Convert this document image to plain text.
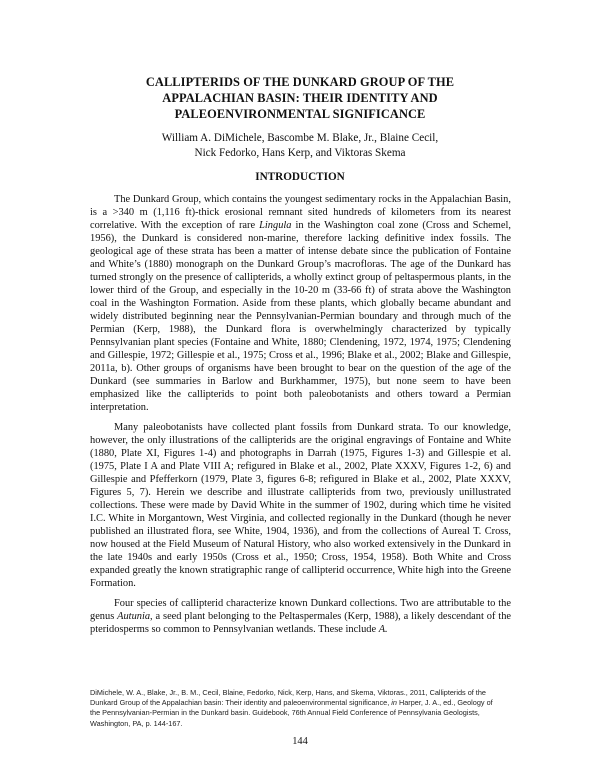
CALLIPTERIDS OF THE DUNKARD GROUP OF THE
APPALACHIAN BASIN: THEIR IDENTITY AND
PALEOENVIRONMENTAL SIGNIFICANCE
William A. DiMichele, Bascombe M. Blake, Jr., Blaine Cecil,
Nick Fedorko, Hans Kerp, and Viktoras Skema
INTRODUCTION

The Dunkard Group, which contains the youngest sedimentary rocks in the Appalachian Basin, is a >340 m (1,116 ft)-thick erosional remnant sited hundreds of kilometers from its nearest correlative. With the exception of rare Lingula in the Washington coal zone (Cross and Schemel, 1956), the Dunkard is considered non-marine, therefore lacking definitive index fossils. The geological age of these strata has been a matter of intense debate since the publication of Fontaine and White’s (1880) monograph on the Dunkard Group’s macrofloras. The age of the Dunkard has turned strongly on the presence of callipterids, a wholly extinct group of peltaspermous plants, in the lower third of the Group, and especially in the 10-20 m (33-66 ft) of strata above the Washington coal in the Washington Formation. Aside from these plants, which globally became abundant and widely distributed beginning near the Pennsylvanian-Permian boundary and through much of the Permian (Kerp, 1988), the Dunkard flora is overwhelmingly characterized by typically Pennsylvanian plant species (Fontaine and White, 1880; Clendening, 1972, 1974, 1975; Clendening and Gillespie, 1972; Gillespie et al., 1975; Cross et al., 1996; Blake et al., 2002; Blake and Gillespie, 2011a, b). Other groups of organisms have been brought to bear on the question of the age of the Dunkard (see summaries in Barlow and Burkhammer, 1975), but none seem to have been emphasized like the callipterids to point both paleobotanists and others toward a Permian interpretation.

Many paleobotanists have collected plant fossils from Dunkard strata. To our knowledge, however, the only illustrations of the callipterids are the original engravings of Fontaine and White (1880, Plate XI, Figures 1-4) and photographs in Darrah (1975, Figures 1-3) and Gillespie et al. (1975, Plate I A and Plate VIII A; refigured in Blake et al., 2002, Plate XXXV, Figures 1-2, 6) and Gillespie and Pfefferkorn (1979, Plate 3, figures 6-8; refigured in Blake et al., 2002, Plate XXXV, Figures 5, 7). Herein we describe and illustrate callipterids from two, previously unillustrated collections. These were made by David White in the summer of 1902, during which time he visited I.C. White in Morgantown, West Virginia, and collected regionally in the Dunkard (though he never published an illustrated flora, see White, 1904, 1936), and from the collections of Aureal T. Cross, now housed at the Field Museum of Natural History, who also worked extensively in the Dunkard in the late 1940s and early 1950s (Cross et al., 1950; Cross, 1954, 1958). Both White and Cross expanded greatly the known stratigraphic range of callipterid occurrence, White high into the Greene Formation.

Four species of callipterid characterize known Dunkard collections. Two are attributable to the genus Autunia, a seed plant belonging to the Peltaspermales (Kerp, 1988), a likely descendant of the pteridosperms so common to Pennsylvanian wetlands. These include A.

DiMichele, W. A., Blake, Jr., B. M., Cecil, Blaine, Fedorko, Nick, Kerp, Hans, and Skema, Viktoras., 2011, Callipterids of the
Dunkard Group of the Appalachian basin: Their identity and paleoenvironmental significance, in Harper, J. A., ed., Geology of
the Pennsylvanian-Permian in the Dunkard basin. Guidebook, 76th Annual Field Conference of Pennsylvania Geologists,
Washington, PA, p. 144-167.
144
